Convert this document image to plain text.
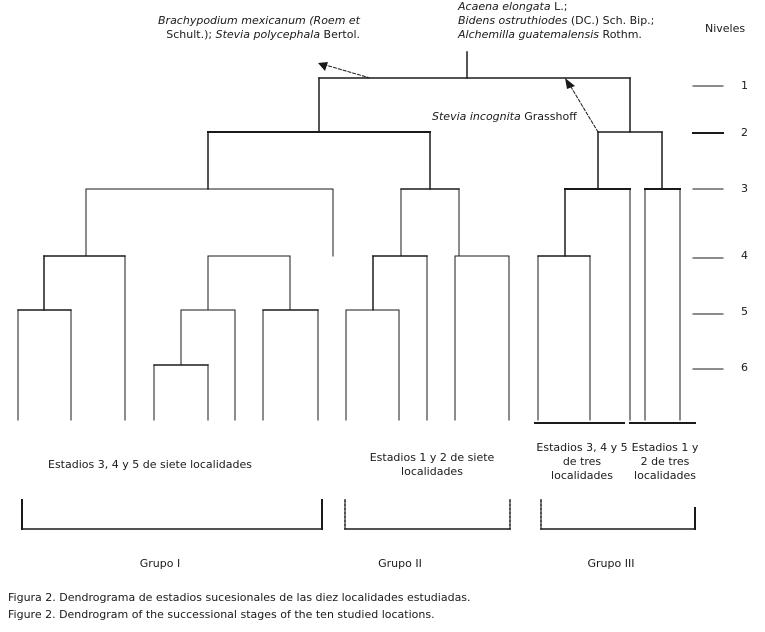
Brachypodium mexicanum (Roem et
Schult.); Stevia polycephala Bertol.
Acaena elongata L.;
Bidens ostruthiodes (DC.) Sch. Bip.;
Alchemilla guatemalensis Rothm.
Stevia incognita Grasshoff
Niveles
1
2
3
4
5
6
Estadios 3, 4 y 5 de siete localidades
Estadios 1 y 2 de siete
localidades
Estadios 3, 4 y 5
de tres
localidades
Estadios 1 y
2 de tres
localidades
Grupo I	Grupo II	Grupo III
Figura 2. Dendrograma de estadios sucesionales de las diez localidades estudiadas.
Figure 2. Dendrogram of the successional stages of the ten studied locations.
